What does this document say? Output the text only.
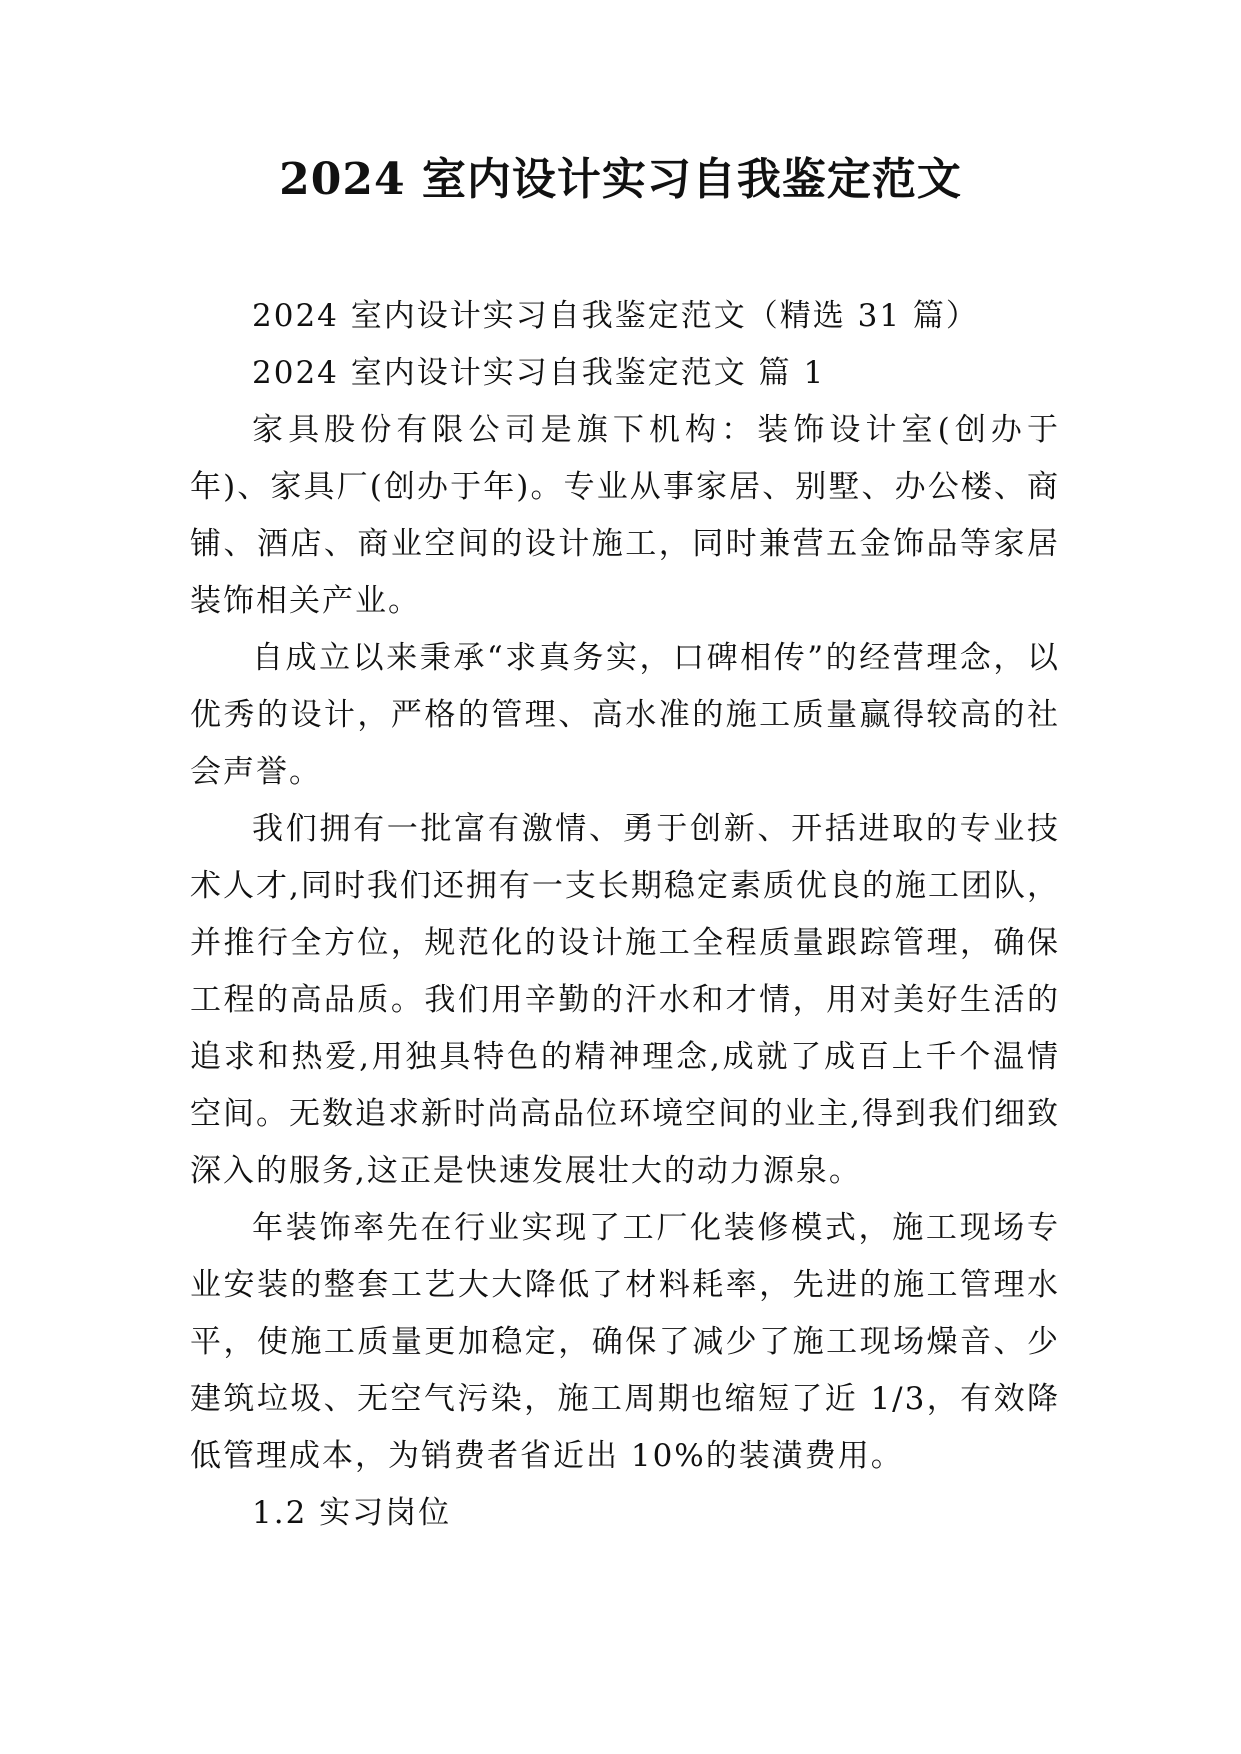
2024 室内设计实习自我鉴定范文

2024 室内设计实习自我鉴定范文（精选 31 篇）

2024 室内设计实习自我鉴定范文 篇 1

家具股份有限公司是旗下机构：装饰设计室(创办于年)、家具厂(创办于年)。专业从事家居、别墅、办公楼、商铺、酒店、商业空间的设计施工，同时兼营五金饰品等家居装饰相关产业。

自成立以来秉承“求真务实，口碑相传”的经营理念，以优秀的设计，严格的管理、高水准的施工质量赢得较高的社会声誉。

我们拥有一批富有激情、勇于创新、开括进取的专业技术人才,同时我们还拥有一支长期稳定素质优良的施工团队，并推行全方位，规范化的设计施工全程质量跟踪管理，确保工程的高品质。我们用辛勤的汗水和才情，用对美好生活的追求和热爱,用独具特色的精神理念,成就了成百上千个温情空间。无数追求新时尚高品位环境空间的业主,得到我们细致深入的服务,这正是快速发展壮大的动力源泉。

年装饰率先在行业实现了工厂化装修模式，施工现场专业安装的整套工艺大大降低了材料耗率，先进的施工管理水平，使施工质量更加稳定，确保了减少了施工现场燥音、少建筑垃圾、无空气污染，施工周期也缩短了近 1/3，有效降低管理成本，为销费者省近出 10%的装潢费用。

1.2 实习岗位
